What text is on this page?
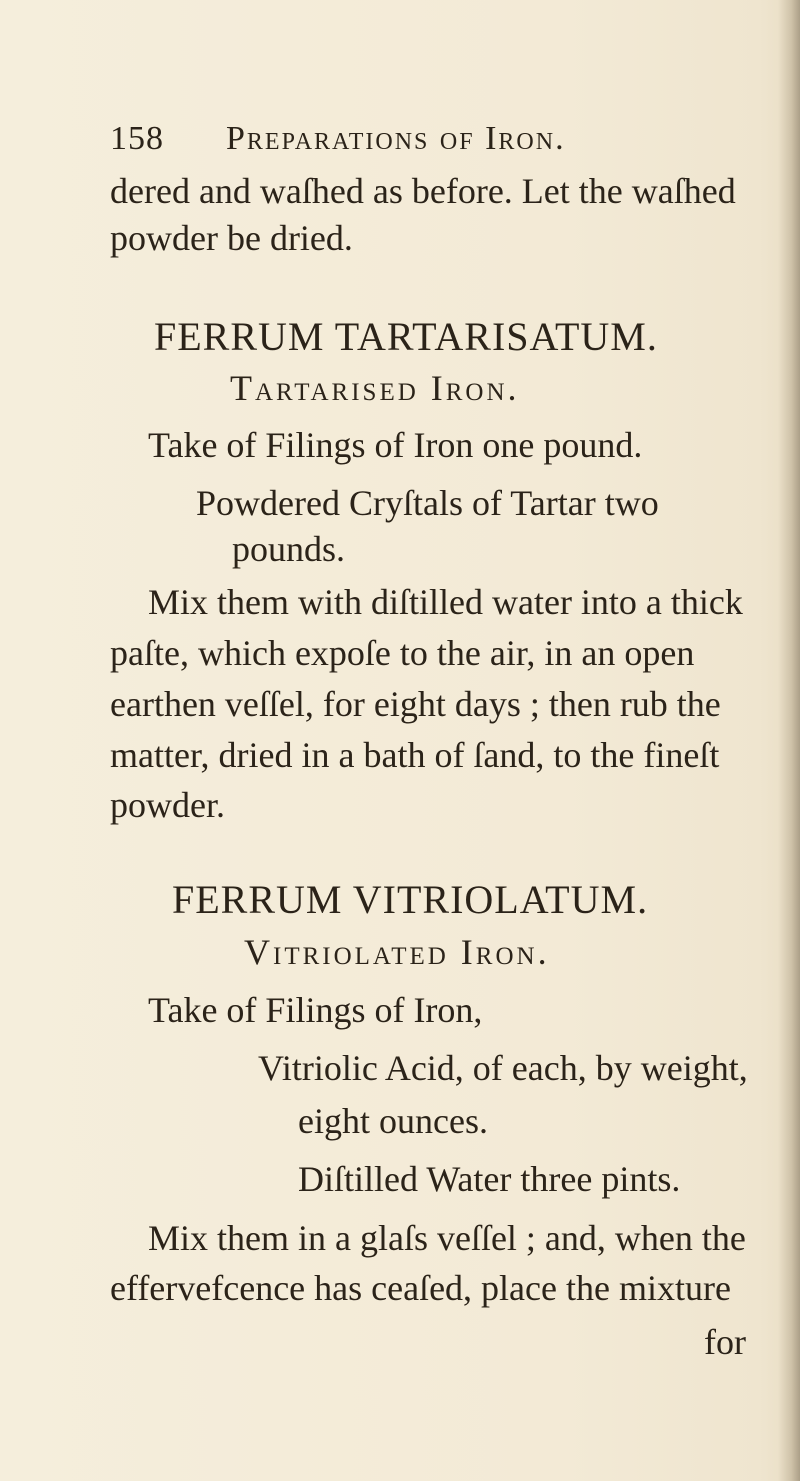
158 Preparations of Iron.
dered and waſhed as before. Let the waſhed
powder be dried.
FERRUM TARTARISATUM.
Tartarised Iron.
Take of Filings of Iron one pound.
Powdered Cryſtals of Tartar two
pounds.
Mix them with diſtilled water into a thick
paſte, which expoſe to the air, in an open
earthen veſſel, for eight days ; then rub the
matter, dried in a bath of ſand, to the fineſt
powder.
FERRUM VITRIOLATUM.
Vitriolated Iron.
Take of Filings of Iron,
Vitriolic Acid, of each, by weight,
eight ounces.
Diſtilled Water three pints.
Mix them in a glaſs veſſel ; and, when the
effervefcence has ceaſed, place the mixture
for
